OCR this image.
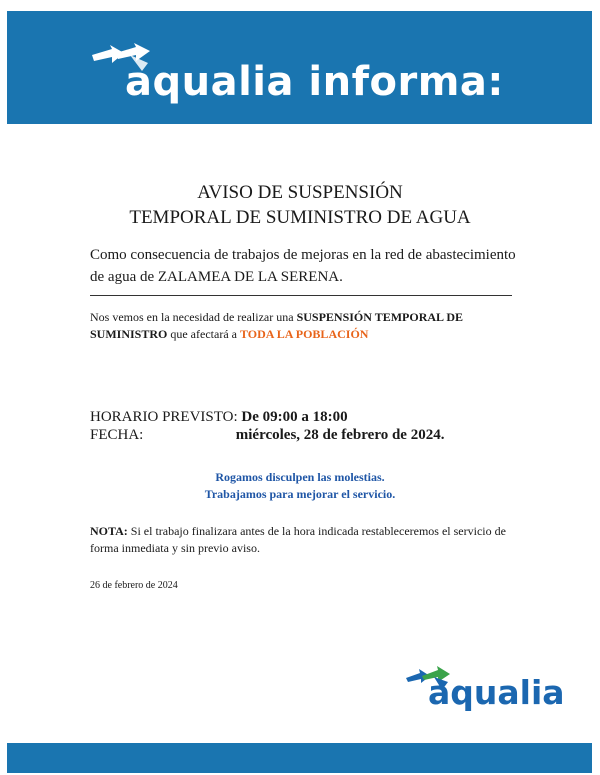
aqualia informa:
AVISO DE SUSPENSIÓN
TEMPORAL DE SUMINISTRO DE AGUA
Como consecuencia de trabajos de mejoras en la red de abastecimiento de agua de ZALAMEA DE LA SERENA.
Nos vemos en la necesidad de realizar una SUSPENSIÓN TEMPORAL DE SUMINISTRO que afectará a TODA LA POBLACIÓN
HORARIO PREVISTO: De 09:00 a 18:00
FECHA:	miércoles, 28 de febrero de 2024.
Rogamos disculpen las molestias.
Trabajamos para mejorar el servicio.
NOTA: Si el trabajo finalizara antes de la hora indicada restableceremos el servicio de forma inmediata y sin previo aviso.
26 de febrero de 2024
aqualia
